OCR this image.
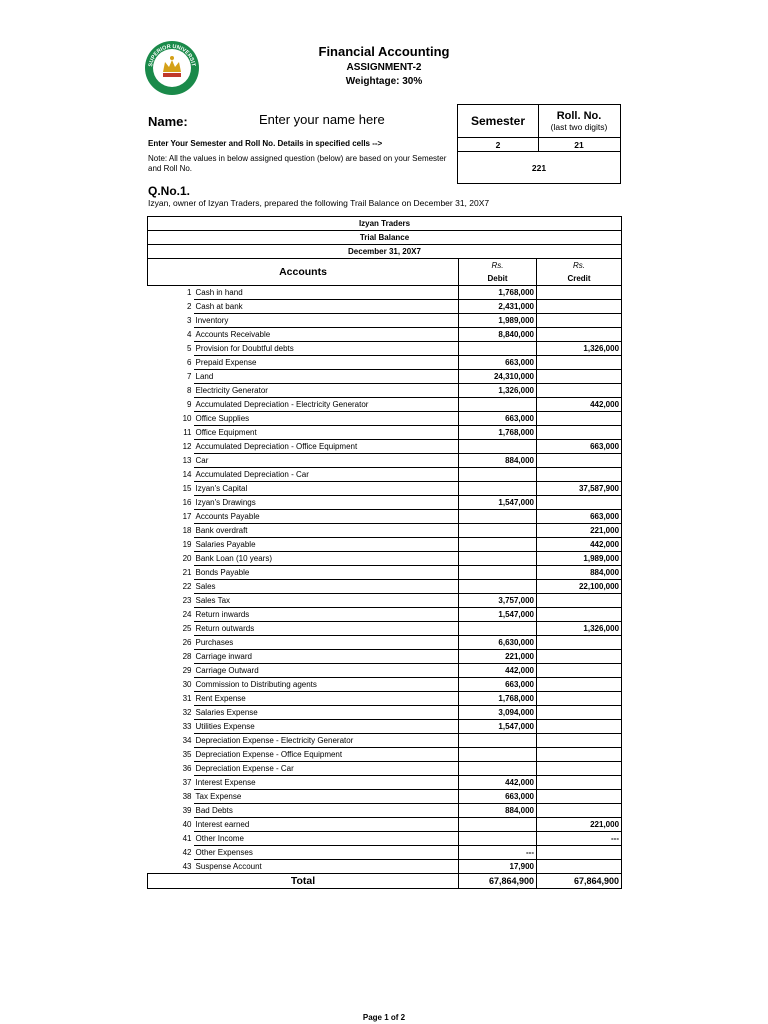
SUPERIOR UNIVERSIT
Financial Accounting
ASSIGNMENT-2
Weightage: 30%
Name:	Enter your name here	Semester	Roll. No.
(last two digits)
2	21
221
Enter Your Semester and Roll No. Details in specified cells -->
Note: All the values in below assigned question (below) are based on your Semester and Roll No.
Q.No.1.
Izyan, owner of Izyan Traders, prepared the following Trail Balance on December 31, 20X7
Izyan Traders			
Trial Balance			
December 31, 20X7			
Accounts		Rs.	Rs.
		Debit	Credit
1	Cash in hand	1,768,000	
2	Cash at bank	2,431,000	
3	Inventory	1,989,000	
4	Accounts Receivable	8,840,000	
5	Provision for Doubtful debts		1,326,000
6	Prepaid Expense	663,000	
7	Land	24,310,000	
8	Electricity Generator	1,326,000	
9	Accumulated Depreciation - Electricity Generator		442,000
10	Office Supplies	663,000	
11	Office Equipment	1,768,000	
12	Accumulated Depreciation - Office Equipment		663,000
13	Car	884,000	
14	Accumulated Depreciation - Car		
15	Izyan's Capital		37,587,900
16	Izyan's Drawings	1,547,000	
17	Accounts Payable		663,000
18	Bank overdraft		221,000
19	Salaries Payable		442,000
20	Bank Loan (10 years)		1,989,000
21	Bonds Payable		884,000
22	Sales		22,100,000
23	Sales Tax	3,757,000	
24	Return inwards	1,547,000	
25	Return outwards		1,326,000
26	Purchases	6,630,000	
28	Carriage inward	221,000	
29	Carriage Outward	442,000	
30	Commission to Distributing agents	663,000	
31	Rent Expense	1,768,000	
32	Salaries Expense	3,094,000	
33	Utilities Expense	1,547,000	
34	Depreciation Expense - Electricity Generator		
35	Depreciation Expense - Office Equipment		
36	Depreciation Expense - Car		
37	Interest Expense	442,000	
38	Tax Expense	663,000	
39	Bad Debts	884,000	
40	Interest earned		221,000
41	Other Income		---
42	Other Expenses	---	
43	Suspense Account	17,900	
Total		67,864,900	67,864,900
Page 1 of 2
